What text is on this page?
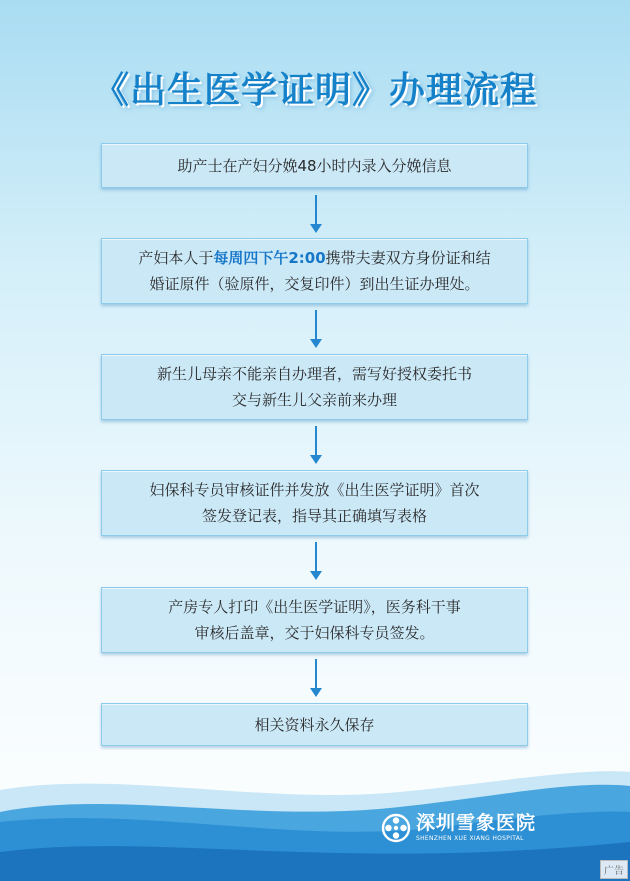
《出生医学证明》办理流程
助产士在产妇分娩48小时内录入分娩信息
产妇本人于每周四下午2:00携带夫妻双方身份证和结
婚证原件（验原件，交复印件）到出生证办理处。
新生儿母亲不能亲自办理者，需写好授权委托书
交与新生儿父亲前来办理
妇保科专员审核证件并发放《出生医学证明》首次
签发登记表，指导其正确填写表格
产房专人打印《出生医学证明》，医务科干事
审核后盖章，交于妇保科专员签发。
相关资料永久保存
深圳雪象医院
SHENZHEN XUE XIANG HOSPITAL
广告
